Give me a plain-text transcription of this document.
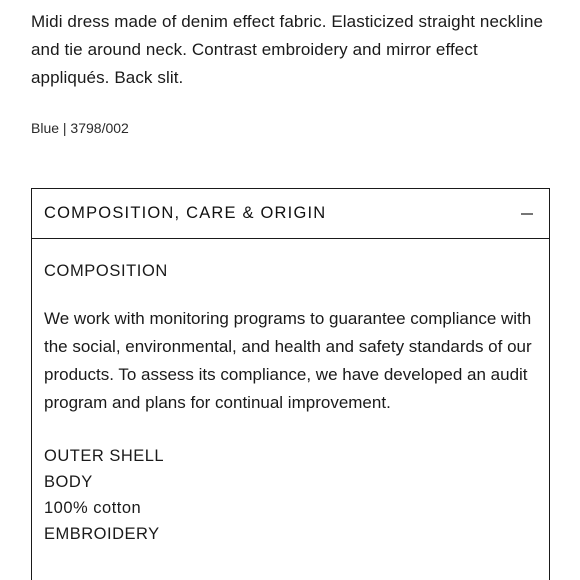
Midi dress made of denim effect fabric. Elasticized straight neckline and tie around neck. Contrast embroidery and mirror effect appliqués. Back slit.

Blue | 3798/002
COMPOSITION, CARE & ORIGIN
COMPOSITION

We work with monitoring programs to guarantee compliance with the social, environmental, and health and safety standards of our products. To assess its compliance, we have developed an audit program and plans for continual improvement.

OUTER SHELL
BODY
100% cotton
EMBROIDERY
